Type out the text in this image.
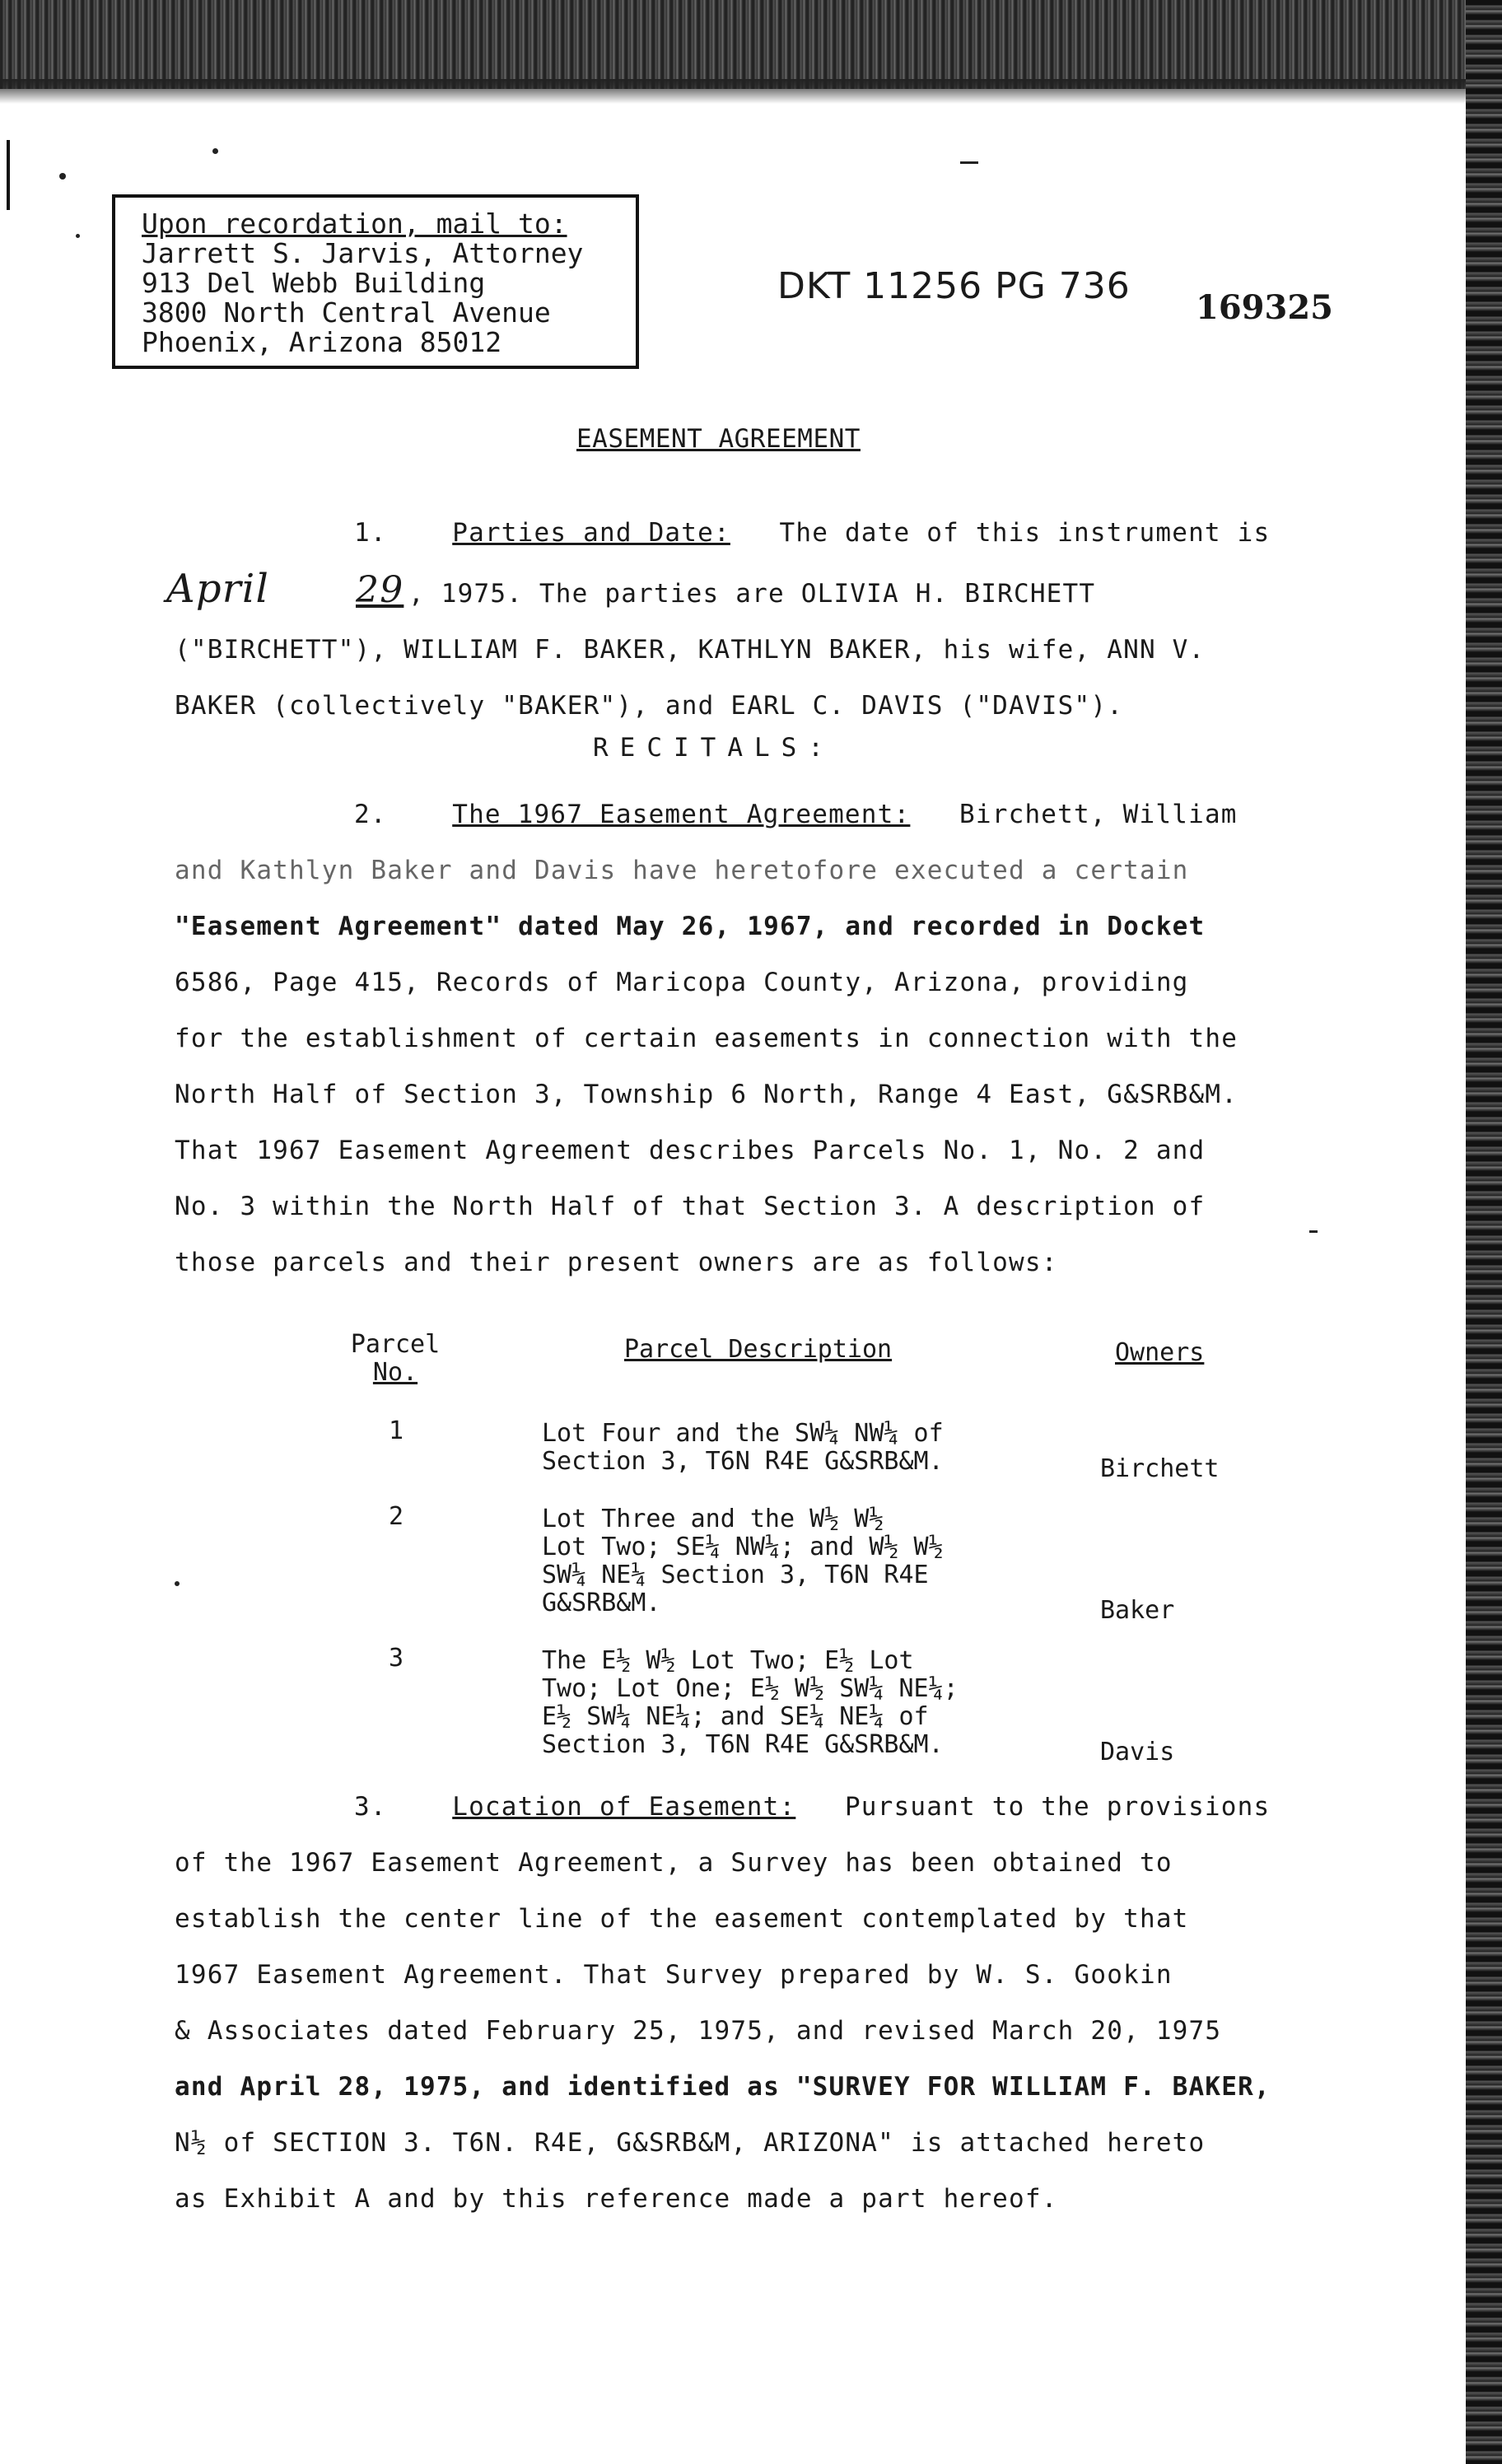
Upon recordation, mail to:
Jarrett S. Jarvis, Attorney
913 Del Webb Building
3800 North Central Avenue
Phoenix, Arizona 85012
DKT 11256 PG 736
169325
EASEMENT AGREEMENT
1.	Parties and Date: The date of this instrument is
April 29 , 1975. The parties are OLIVIA H. BIRCHETT
("BIRCHETT"), WILLIAM F. BAKER, KATHLYN BAKER, his wife, ANN V.
BAKER (collectively "BAKER"), and EARL C. DAVIS ("DAVIS").
RECITALS:
2.	The 1967 Easement Agreement: Birchett, William
and Kathlyn Baker and Davis have heretofore executed a certain
"Easement Agreement" dated May 26, 1967, and recorded in Docket
6586, Page 415, Records of Maricopa County, Arizona, providing
for the establishment of certain easements in connection with the
North Half of Section 3, Township 6 North, Range 4 East, G&SRB&M.
That 1967 Easement Agreement describes Parcels No. 1, No. 2 and
No. 3 within the North Half of that Section 3. A description of
those parcels and their present owners are as follows:
Parcel
No.
Parcel Description	Owners
1	Lot Four and the SW¼ NW¼ of
Section 3, T6N R4E G&SRB&M.	Birchett
2	Lot Three and the W½ W½
Lot Two; SE¼ NW¼; and W½ W½
SW¼ NE¼ Section 3, T6N R4E
G&SRB&M.	Baker
3	The E½ W½ Lot Two; E½ Lot
Two; Lot One; E½ W½ SW¼ NE¼;
E½ SW¼ NE¼; and SE¼ NE¼ of
Section 3, T6N R4E G&SRB&M.	Davis
3.	Location of Easement: Pursuant to the provisions
of the 1967 Easement Agreement, a Survey has been obtained to
establish the center line of the easement contemplated by that
1967 Easement Agreement. That Survey prepared by W. S. Gookin
& Associates dated February 25, 1975, and revised March 20, 1975
and April 28, 1975, and identified as "SURVEY FOR WILLIAM F. BAKER,
N½ of SECTION 3. T6N. R4E, G&SRB&M, ARIZONA" is attached hereto
as Exhibit A and by this reference made a part hereof.
